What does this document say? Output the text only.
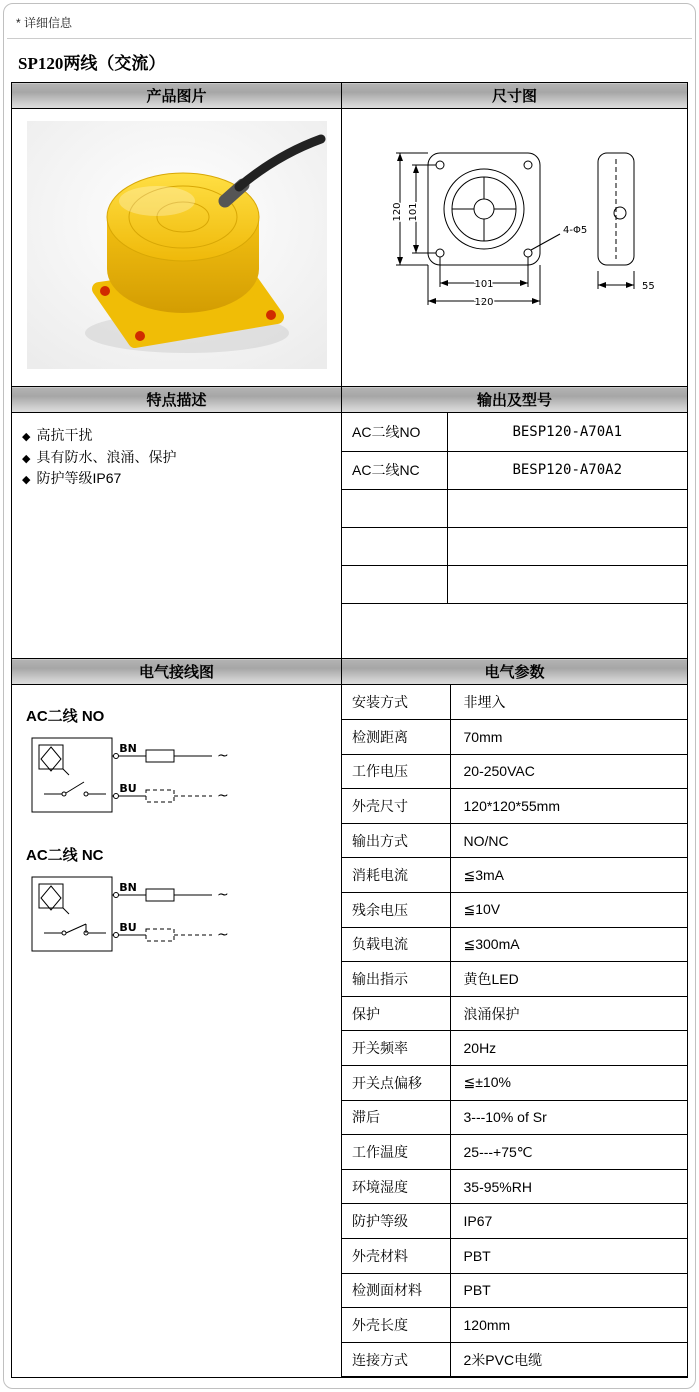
* 详细信息
SP120两线（交流）
产品图片	尺寸图

120 101
101
120
4-Φ5
55

特点描述	输出及型号

◆ 高抗干扰
◆ 具有防水、浪涌、保护
◆ 防护等级IP67

AC二线NO	BESP120-A70A1
AC二线NC	BESP120-A70A2

电气接线图	电气参数

AC二线 NO
BN
BU
~
~
AC二线 NC
BN
BU
~
~

安装方式	非埋入
检测距离	70mm
工作电压	20-250VAC
外壳尺寸	120*120*55mm
输出方式	NO/NC
消耗电流	≦3mA
残余电压	≦10V
负载电流	≦300mA
输出指示	黄色LED
保护	浪涌保护
开关频率	20Hz
开关点偏移	≦±10%
滞后	3---10% of Sr
工作温度	25---+75℃
环境湿度	35-95%RH
防护等级	IP67
外壳材料	PBT
检测面材料	PBT
外壳长度	120mm
连接方式	2米PVC电缆
